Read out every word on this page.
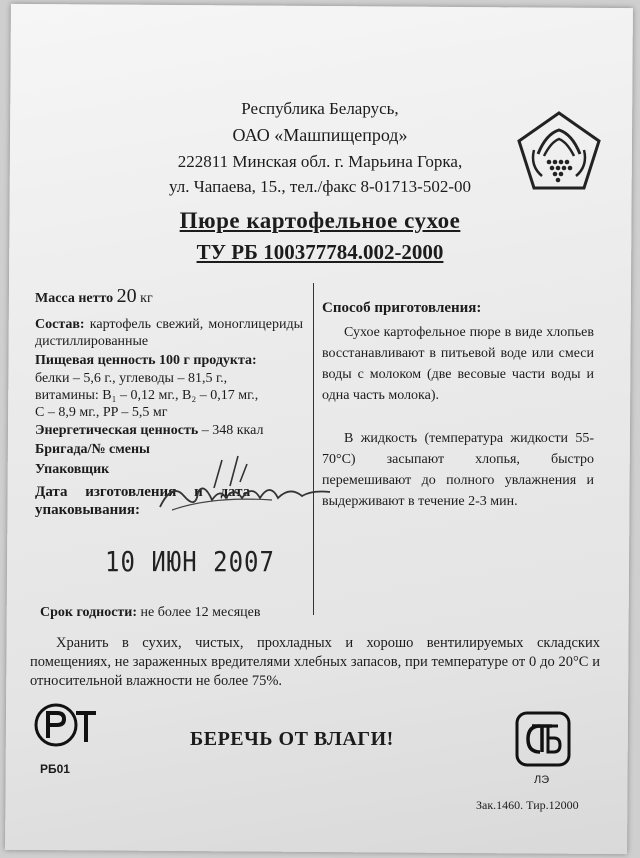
Республика Беларусь,
ОАО «Машпищепрод»
222811 Минская обл. г. Марьина Горка,
ул. Чапаева, 15., тел./факс 8-01713-502-00
Пюре картофельное сухое
ТУ РБ 100377784.002-2000
Масса нетто 20 кг
Состав: картофель свежий, моноглицериды дистиллированные
Пищевая ценность 100 г продукта:
белки – 5,6 г., углеводы – 81,5 г.,
витамины: B₁ – 0,12 мг., B₂ – 0,17 мг.,
С – 8,9 мг., PP – 5,5 мг
Энергетическая ценность – 348 ккал
Бригада/№ смены
Упаковщик
Дата изготовления и дата
упаковывания:
10 ИЮН 2007
Срок годности: не более 12 месяцев
Способ приготовления:
Сухое картофельное пюре в виде хлопьев восстанавливают в питьевой воде или смеси воды с молоком (две весовые части воды и одна часть молока).
В жидкость (температура жидкости 55-70°С) засыпают хлопья, быстро перемешивают до полного увлажнения и выдерживают в течение 2-3 мин.
Хранить в сухих, чистых, прохладных и хорошо вентилируемых складских помещениях, не зараженных вредителями хлебных запасов, при температуре от 0 до 20°С и относительной влажности не более 75%.
РБ01
БЕРЕЧЬ ОТ ВЛАГИ!
ЛЭ
Зак.1460. Тир.12000
